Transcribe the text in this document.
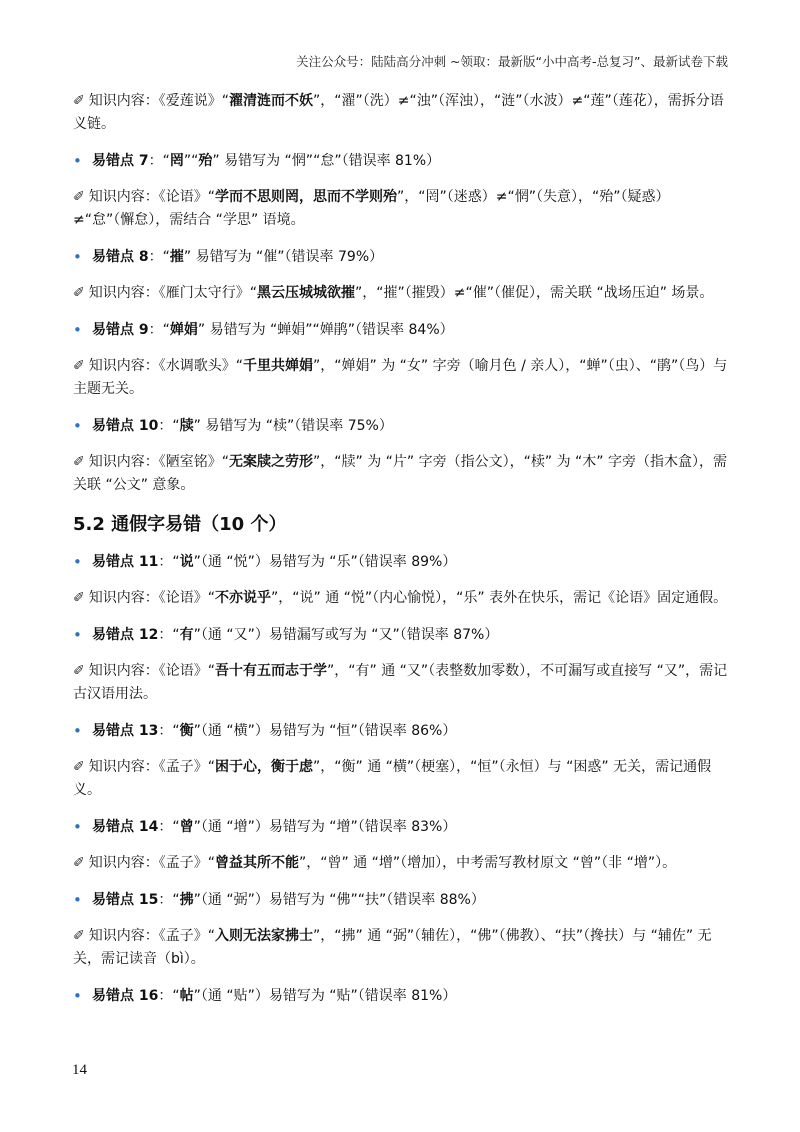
关注公众号：陆陆高分冲刺 ~领取：最新版“小中高考-总复习”、最新试卷下载

✐ 知识内容：《爱莲说》“濯清涟而不妖”，“濯”（洗）≠“浊”（浑浊），“涟”（水波）≠“莲”（莲花），需拆分语义链。

• 易错点 7：“罔”“殆” 易错写为 “惘”“怠”（错误率 81%）

✐ 知识内容：《论语》“学而不思则罔，思而不学则殆”，“罔”（迷惑）≠“惘”（失意），“殆”（疑惑）≠“怠”（懈怠），需结合 “学思” 语境。

• 易错点 8：“摧” 易错写为 “催”（错误率 79%）

✐ 知识内容：《雁门太守行》“黑云压城城欲摧”，“摧”（摧毁）≠“催”（催促），需关联 “战场压迫” 场景。

• 易错点 9：“婵娟” 易错写为 “蝉娟”“婵鹃”（错误率 84%）

✐ 知识内容：《水调歌头》“千里共婵娟”，“婵娟” 为 “女” 字旁（喻月色 / 亲人），“蝉”（虫）、“鹃”（鸟）与主题无关。

• 易错点 10：“牍” 易错写为 “椟”（错误率 75%）

✐ 知识内容：《陋室铭》“无案牍之劳形”，“牍” 为 “片” 字旁（指公文），“椟” 为 “木” 字旁（指木盒），需关联 “公文” 意象。

5.2 通假字易错（10 个）
• 易错点 11：“说”（通 “悦”）易错写为 “乐”（错误率 89%）

✐ 知识内容：《论语》“不亦说乎”，“说” 通 “悦”（内心愉悦），“乐” 表外在快乐，需记《论语》固定通假。

• 易错点 12：“有”（通 “又”）易错漏写或写为 “又”（错误率 87%）

✐ 知识内容：《论语》“吾十有五而志于学”，“有” 通 “又”（表整数加零数），不可漏写或直接写 “又”，需记古汉语用法。

• 易错点 13：“衡”（通 “横”）易错写为 “恒”（错误率 86%）

✐ 知识内容：《孟子》“困于心，衡于虑”，“衡” 通 “横”（梗塞），“恒”（永恒）与 “困惑” 无关，需记通假义。

• 易错点 14：“曾”（通 “增”）易错写为 “增”（错误率 83%）

✐ 知识内容：《孟子》“曾益其所不能”，“曾” 通 “增”（增加），中考需写教材原文 “曾”（非 “增”）。

• 易错点 15：“拂”（通 “弼”）易错写为 “佛”“扶”（错误率 88%）

✐ 知识内容：《孟子》“入则无法家拂士”，“拂” 通 “弼”（辅佐），“佛”（佛教）、“扶”（搀扶）与 “辅佐” 无关，需记读音（bì）。

• 易错点 16：“帖”（通 “贴”）易错写为 “贴”（错误率 81%）
14
